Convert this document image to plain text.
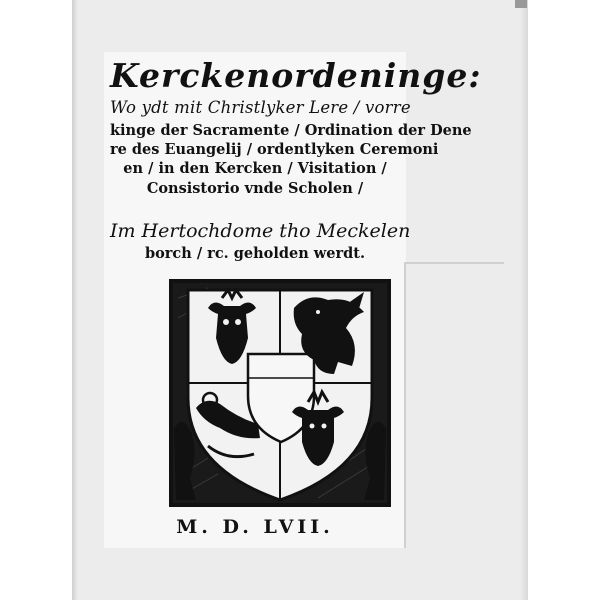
Kerckenordeninge:
Wo ydt mit Christlyker Lere / vorre
kinge der Sacramente / Ordination der Dene
re des Euangelij / ordentlyken Ceremoni
en / in den Kercken / Visitation /
Consistorio vnde Scholen /
Im Hertochdome tho Meckelen
borch / rc. geholden werdt.
M. D. LVII.
